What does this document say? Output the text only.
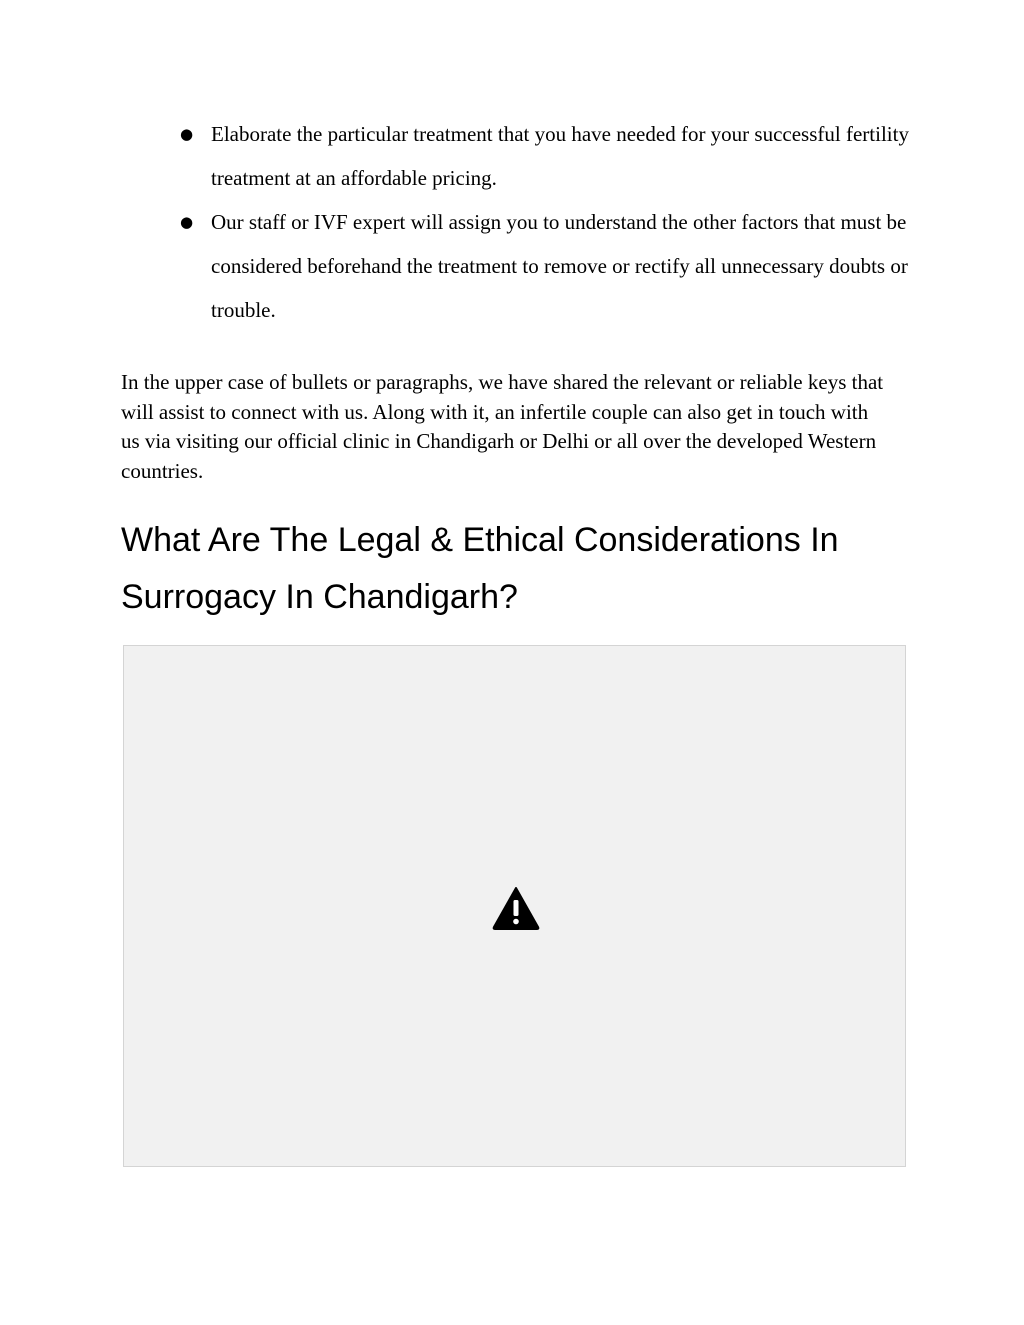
● Elaborate the particular treatment that you have needed for your successful fertility treatment at an affordable pricing.
● Our staff or IVF expert will assign you to understand the other factors that must be considered beforehand the treatment to remove or rectify all unnecessary doubts or trouble.

In the upper case of bullets or paragraphs, we have shared the relevant or reliable keys that will assist to connect with us. Along with it, an infertile couple can also get in touch with us via visiting our official clinic in Chandigarh or Delhi or all over the developed Western countries.

What Are The Legal & Ethical Considerations In Surrogacy In Chandigarh?
